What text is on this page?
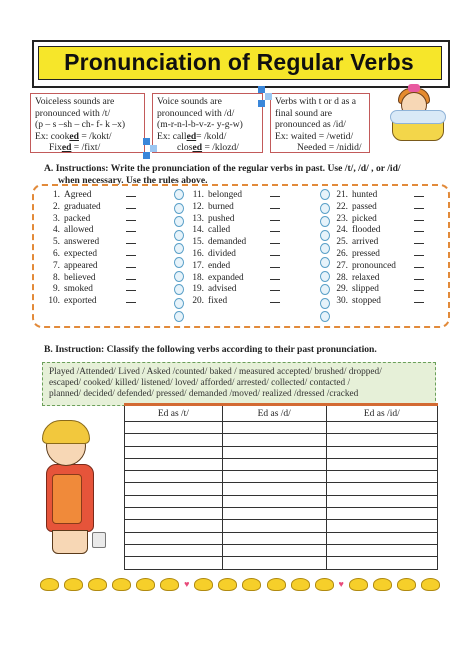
Pronunciation of Regular Verbs
Voiceless sounds are
pronounced with /t/
(p – s –sh – ch- f- k –x)
Ex: cooked = /kokt/
Fixed = /fixt/
Voice sounds are
pronounced with /d/
(m-r-n-l-b-v-z- y-g-w)
Ex: called= /kold/
closed = /klozd/
Verbs with t or d as a
final sound are
pronounced as /id/
Ex: waited = /wetid/
Needed = /nidid/
A. Instructions: Write the pronunciation of the regular verbs in past. Use /t/, /d/ , or /id/
when necessary. Use the rules above.
1. Agreed
2. graduated
3. packed
4. allowed
5. answered
6. expected
7. appeared
8. believed
9. smoked
10. exported
11. belonged
12. burned
13. pushed
14. called
15. demanded
16. divided
17. ended
18. expanded
19. advised
20. fixed
21. hunted
22. passed
23. picked
24. flooded
25. arrived
26. pressed
27. pronounced
28. relaxed
29. slipped
30. stopped
B. Instruction: Classify the following verbs according to their past pronunciation.
Played /Attended/ Lived / Asked /counted/ baked / measured accepted/ brushed/ dropped/
escaped/ cooked/ killed/ listened/ loved/ afforded/ arrested/ collected/ contacted /
planned/ decided/ defended/ pressed/ demanded /moved/ realized /dressed /cracked
Ed as /t/	Ed as /d/	Ed as /id/

♥	♥
